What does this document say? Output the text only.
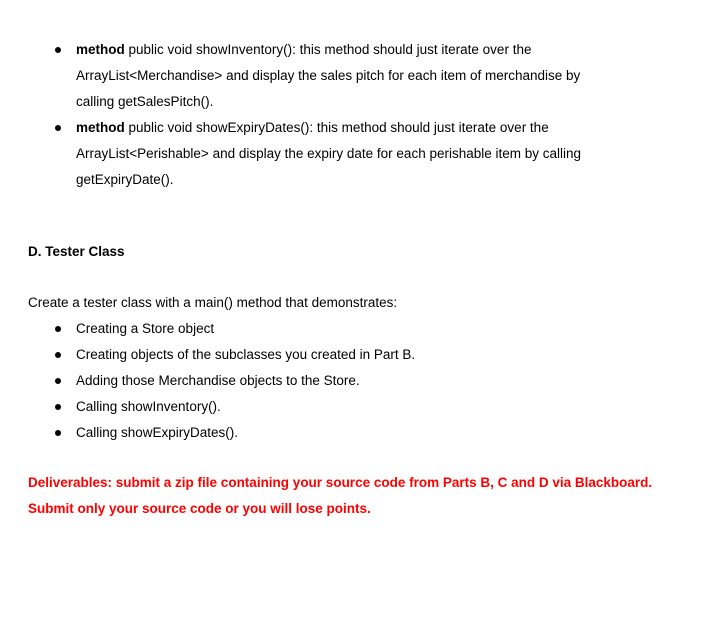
method public void showInventory(): this method should just iterate over the ArrayList<Merchandise> and display the sales pitch for each item of merchandise by calling getSalesPitch().
method public void showExpiryDates(): this method should just iterate over the ArrayList<Perishable> and display the expiry date for each perishable item by calling getExpiryDate().
D. Tester Class

Create a tester class with a main() method that demonstrates:

Creating a Store object
Creating objects of the subclasses you created in Part B.
Adding those Merchandise objects to the Store.
Calling showInventory().
Calling showExpiryDates().

Deliverables: submit a zip file containing your source code from Parts B, C and D via Blackboard. Submit only your source code or you will lose points.
